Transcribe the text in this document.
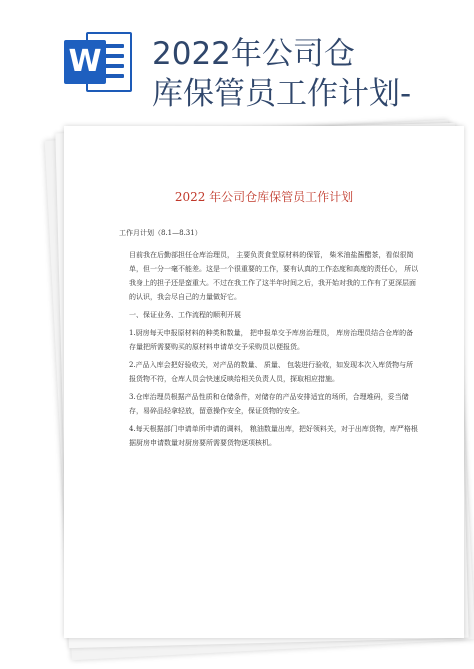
W 2022年公司仓
库保管员工作计划-
2022 年公司仓库保管员工作计划

工作月计划（8.1—8.31）

目前我在后勤部担任仓库治理员， 主要负责食堂原材料的保管， 柴米油盐酱醋茶，看似很简单，但一分一毫不能差。这是一个很重要的工作，要有认真的工作态度和高度的责任心， 所以我身上的担子还是蛮重大。不过在我工作了这半年时间之后，我开始对我的工作有了更深层面的认识，我会尽自己的力量做好它。

一、保证业务、工作流程的顺利开展

1.厨房每天申报原材料的种类和数量， 把申报单交予库房治理员， 库房治理员结合仓库的备存量把所需要购买的原材料申请单交予采购员以便报货。

2.产品入库会把好验收关，对产品的数量、 质量、 包装进行验收，如发现本次入库货物与所报货物不符，仓库人员会快速反映给相关负责人员，探取相应措施。

3.仓库治理员根据产品性质和仓储条件，对储存的产品安排适宜的场所，合理堆码，妥当储存，易碎品轻拿轻放，留意操作安全，保证货物的安全。

4.每天根据部门申请单所申请的调料， 粮油数量出库，把好领料关，对于出库货物，库严格根据厨房申请数量对厨房要所需要货物逐项核机。
